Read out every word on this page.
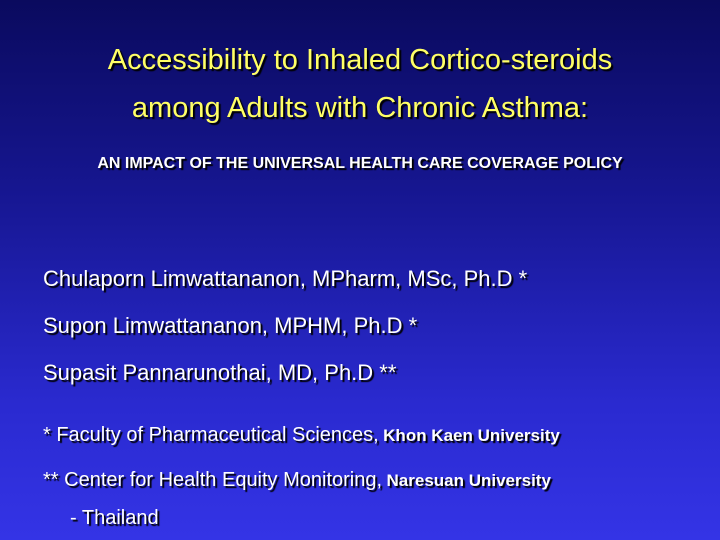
Accessibility to Inhaled Cortico-steroids
among Adults with Chronic Asthma:
AN IMPACT OF THE UNIVERSAL HEALTH CARE COVERAGE POLICY
Chulaporn Limwattananon, MPharm, MSc, Ph.D *
Supon Limwattananon, MPHM, Ph.D *
Supasit Pannarunothai, MD, Ph.D **
* Faculty of Pharmaceutical Sciences, Khon Kaen University
** Center for Health Equity Monitoring, Naresuan University
- Thailand
